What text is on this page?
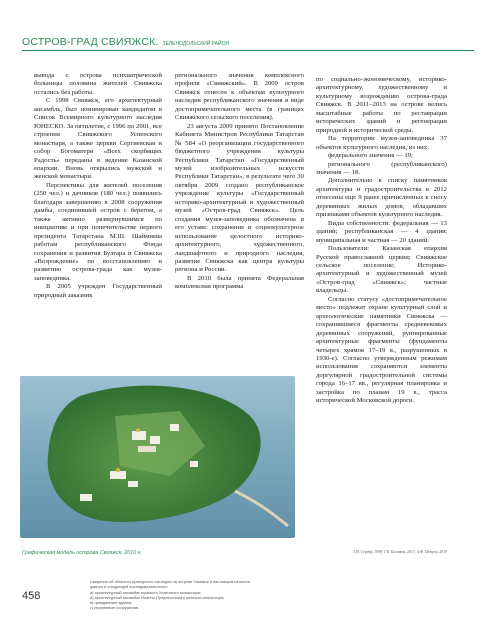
ОСТРОВ-ГРАД СВИЯЖСК. ЗЕЛЕНОДОЛЬСКИЙ РАЙОН

вывода с острова психиатрической больницы половина жителей Свияжска остались без работы.

С 1998 Свияжск, его архитектурный ансамбль, был номинирован кандидатом в Список Всемирного культурного наследия ЮНЕСКО. За пятилетие, с 1996 по 2001, все строения Свияжского Успенского монастыря, а также церкви Сергиевская и собор Богоматери «Всех скорбящих Радость» переданы в ведение Казанской епархии. Вновь открылись мужской и женской монастыри.

Перспективы для жителей поселения (250 чел.) и дачников (180 чел.) появились благодаря завершению в 2008 сооружения дамбы, соединившей остров с берегом, а также активно развернувшимся по инициативе и при попечительстве первого президента Татарстана М.Ш. Шаймиева работам республиканского Фонда сохранения и развития Булгара и Свияжска «Возрождение» по восстановлению и развитию острова-града как музея-заповедника.

В 2005 учрежден Государственный природный заказник

регионального значения комплексного профиля «Свияжский». В 2009 остров Свияжск отнесен к объектам культурного наследия республиканского значения в виде достопримечательного места (в границах Свияжского сельского поселения).

23 августа 2009 принято Постановление Кабинета Министров Республики Татарстан № 584 «О реорганизации государственного бюджетного учреждения культуры Республики Татарстан «Государственный музей изобразительных искусств Республики Татарстан», в результате чего 30 октября 2009 создано республиканское учреждение культуры «Государственный историко-архитектурный и художественный музей «Остров-град Свияжск». Цель создания музея-заповедника обозначена в его уставе: сохранение и социокультурное использование целостного историко-архитектурного, художественного, ландшафтного и природного наследия, развитие Свияжска как центра культуры региона и России.

В 2010 была принята Федеральная комплексная программа

по социально-экономическому, историко-архитектурному, художественному и культурному возрождению острова-града Свияжск. В 2011–2013 на острове велись масштабные работы по реставрации исторических зданий и регенерации природной и исторической среды.

На территории музея-заповедника 37 объектов культурного наследия, из них:

федерального значения — 19;

регионального (республиканского) значения — 18.

Дополнительно к списку памятников архитектуры и градостроительства в 2012 отнесены еще 9 ранее причисленных к сносу деревянных жилых домов, обладавших признаками объектов культурного наследия.

Виды собственности: федеральная — 13 зданий; республиканская — 4 здания; муниципальная и частная — 20 зданий.

Пользователи: Казанская епархия Русской православной церкви; Свияжское сельское поселение; Историко-архитектурный и художественный музей «Остров-град «Свияжск»; частные владельцы.

Согласно статусу «достопримечательное место» подлежат охране культурный слой и археологические памятники Свияжска — сохранившиеся фрагменты средневековых деревянных сооружений, руинированные архитектурные фрагменты (фундаменты четырех храмов 17–19 в., разрушенных в 1930-е). Согласно утвержденным режимам использования сохраняются элементы доргулярной градостроительной системы города 16–17 вв., регулярная планировка и застройка по планам 19 в., трасса исторической Московской дороги.

Графическая модель острова Свияжск. 2010 г.	Г.Н. Серебр, 1998; Г.Е. Балотов, 2013; А.Ф. Петров, 2019
458
Сведения об объектах культурного наследия на острове Свияжск в настоящем каталоге
даются в следующей последовательности:
а) архитектурный ансамбль мужского Успенского монастыря;
б) архитектурный ансамбль Иоанно-Предтеченского женского монастыря;
в) гражданские здания;
г) утраченные сооружения.
